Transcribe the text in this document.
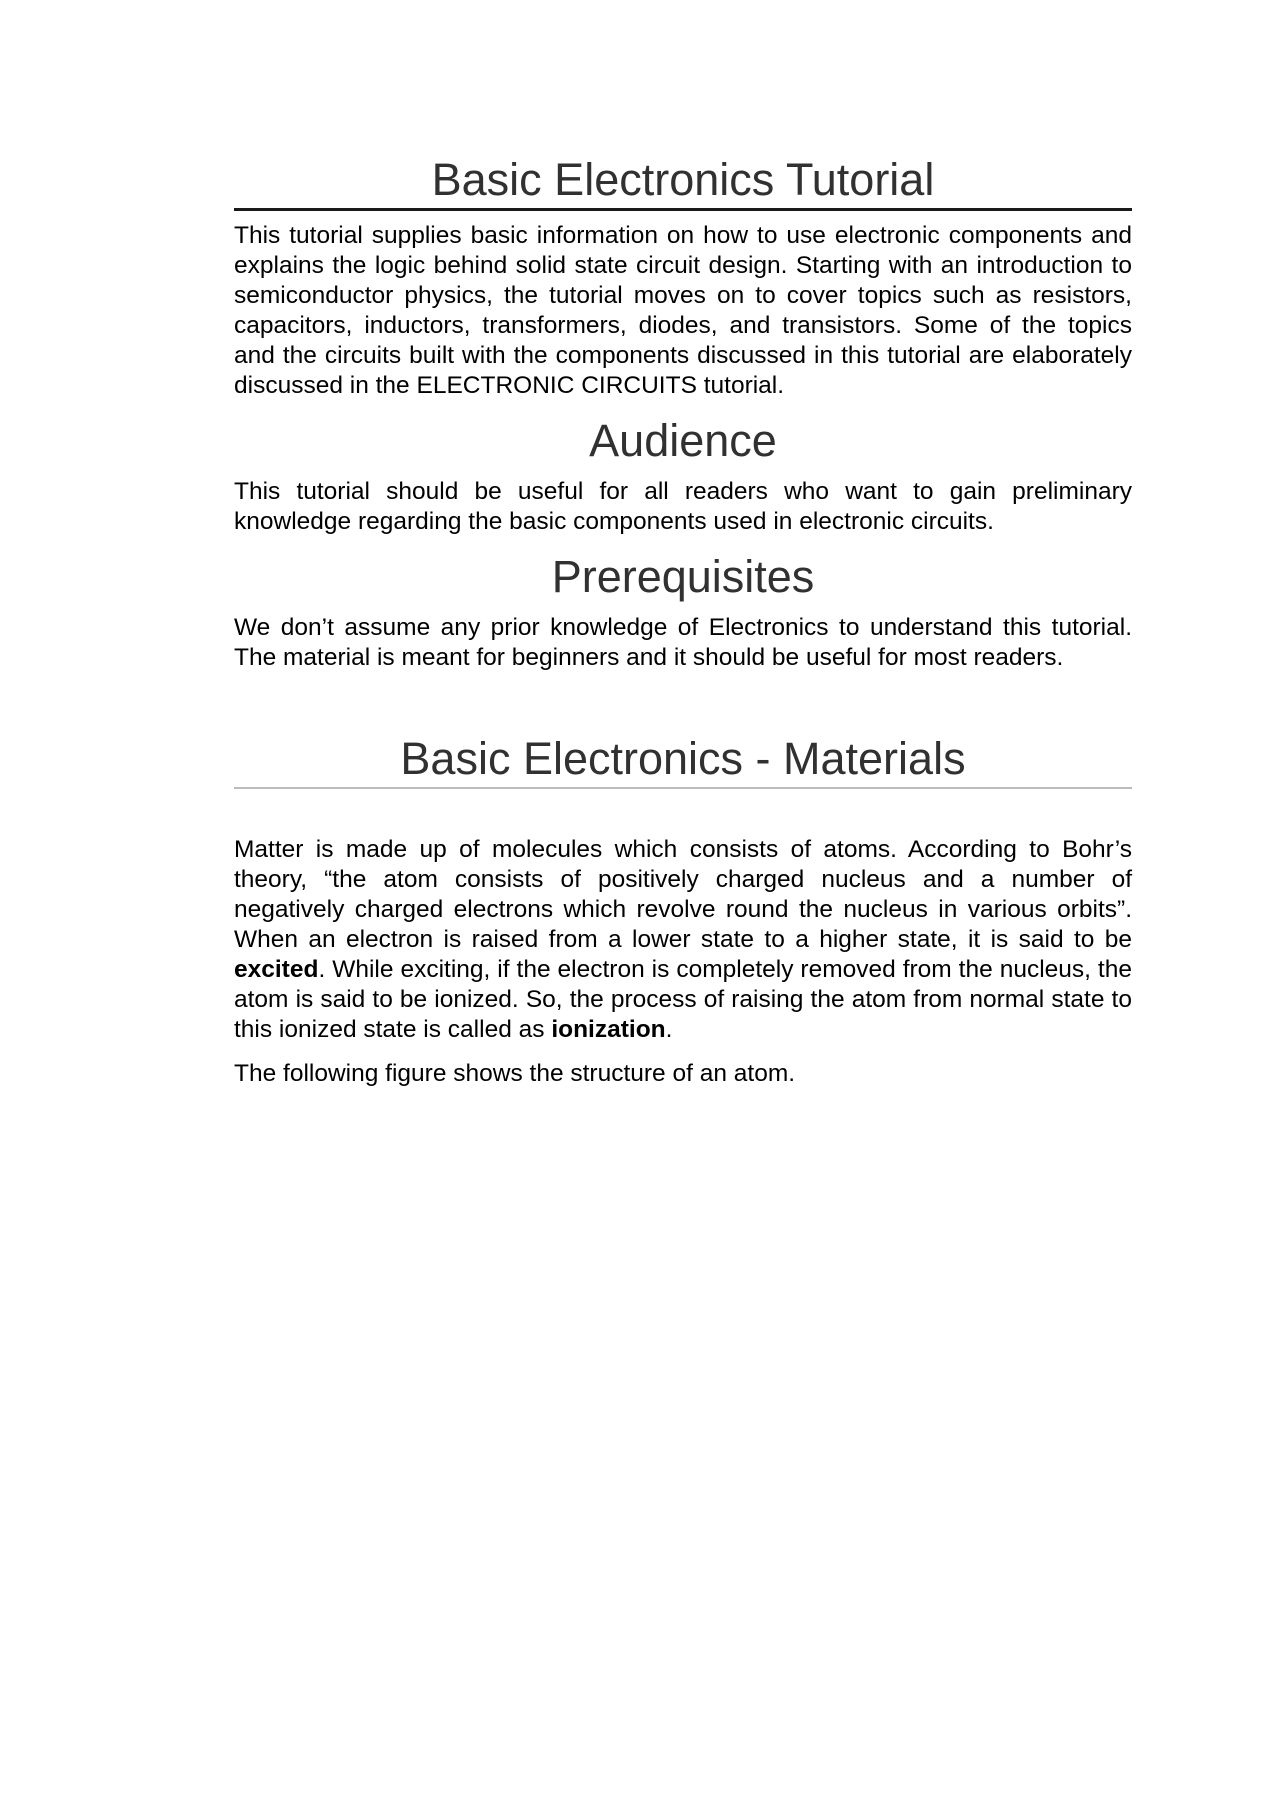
Basic Electronics Tutorial

This tutorial supplies basic information on how to use electronic components and explains the logic behind solid state circuit design. Starting with an introduction to semiconductor physics, the tutorial moves on to cover topics such as resistors, capacitors, inductors, transformers, diodes, and transistors. Some of the topics and the circuits built with the components discussed in this tutorial are elaborately discussed in the ELECTRONIC CIRCUITS tutorial.

Audience

This tutorial should be useful for all readers who want to gain preliminary knowledge regarding the basic components used in electronic circuits.

Prerequisites

We don’t assume any prior knowledge of Electronics to understand this tutorial. The material is meant for beginners and it should be useful for most readers.

Basic Electronics - Materials

Matter is made up of molecules which consists of atoms. According to Bohr’s theory, “the atom consists of positively charged nucleus and a number of negatively charged electrons which revolve round the nucleus in various orbits”. When an electron is raised from a lower state to a higher state, it is said to be excited. While exciting, if the electron is completely removed from the nucleus, the atom is said to be ionized. So, the process of raising the atom from normal state to this ionized state is called as ionization.

The following figure shows the structure of an atom.
